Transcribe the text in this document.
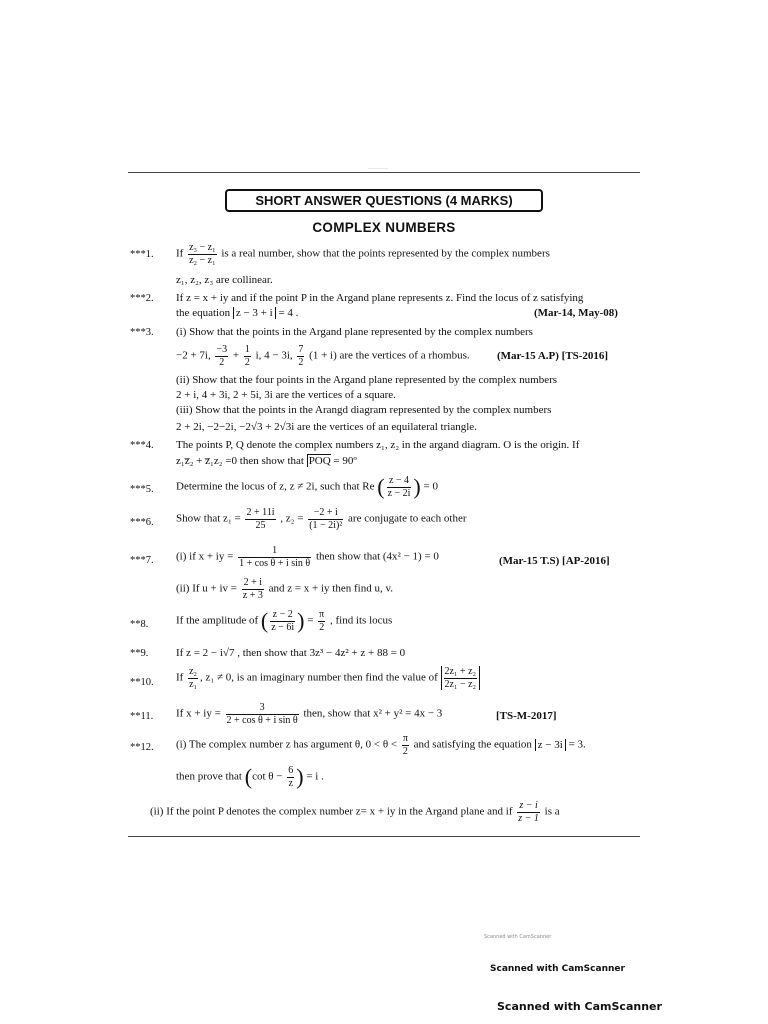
—————
SHORT ANSWER QUESTIONS (4 MARKS)
COMPLEX NUMBERS
***1. If $\frac{\text{z₃ − z₁}}{\text{z₂ − z₁}}$ is a real number, show that the points represented by the complex numbers
z₁, z₂, z₃ are collinear.
***2. If z = x + iy and if the point P in the Argand plane represents z. Find the locus of z satisfying
the equation z − 3 + i = 4 .	(Mar-14, May-08)
***3. (i) Show that the points in the Argand plane represented by the complex numbers
−2 + 7i, $\frac{-3}{2} + \frac{1}{2} i$, 4 − 3i, $\frac{7}{2} (1 + i)$ are the vertices of a rhombus. (Mar-15 A.P) [TS-2016]
(ii) Show that the four points in the Argand plane represented by the complex numbers
2 + i, 4 + 3i, 2 + 5i, 3i are the vertices of a square.
(iii) Show that the points in the Arangd diagram represented by the complex numbers
2 + 2i, −2−2i, −2√3 + 2√3i are the vertices of an equilateral triangle.
***4. The points P, Q denote the complex numbers z₁, z₂ in the argand diagram. O is the origin. If
z₁z̅₂ + z̅₁z₂ =0 then show that POQ = 90º
***5. Determine the locus of z, z ≠ 2i, such that Re ( $\frac{z - 4}{z - 2i}$ ) = 0
***6. Show that $z_1 = \frac{2 + 11i}{25}$ , $z_2 = \frac{-2 + i}{\text{(1 − 2i)²}}$ are conjugate to each other
***7. (i) if x + iy = $\frac{1}{\text{1 + cos θ + i sin θ}}$ then show that (4x² − 1) = 0	(Mar-15 T.S) [AP-2016]
(ii) If u + iv = $\frac{2 + i}{z + 3}$ and z = x + iy then find u, v.
**8.	If the amplitude of ( $\frac{z - 2}{z - 6i}$ ) = $\frac{\pi}{2}$ , find its locus
**9.	If z = 2 − i√7 , then show that 3z³ − 4z² + z + 88 = 0
**10. If $\frac{\text{z₂}}{\text{z₁}}$ , z₁ ≠ 0, is an imaginary number then find the value of $\frac{\text{2z₁ + z₂}}{\text{2z₁ − z₂}}$
**11. If x + iy = $\frac{3}{\text{2 + cos θ + i sin θ}}$ then, show that x² + y² = 4x − 3	[TS-M-2017]
**12. (i) The complex number z has argument θ, $0 < \theta < \frac{\pi}{2}$ and satisfying the equation z − 3i = 3.
then prove that (cot $\theta - \frac{6}{z}$ ) = i .
(ii) If the point P denotes the complex number z= x + iy in the Argand plane and if $\frac{z - i}{z - 1}$ is a
Scanned with CamScanner
Scanned with CamScanner
Scanned with CamScanner
